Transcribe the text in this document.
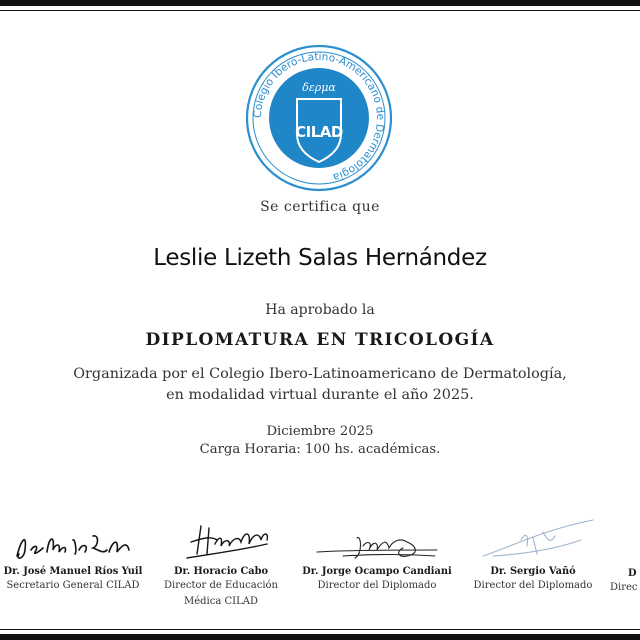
Colegio Ibero-Latino-Americano de Dermatología
δερμα
CILAD
Se certifica que
Leslie Lizeth Salas Hernández
Ha aprobado la
DIPLOMATURA EN TRICOLOGÍA
Organizada por el Colegio Ibero-Latinoamericano de Dermatología,
en modalidad virtual durante el año 2025.
Diciembre 2025
Carga Horaria: 100 hs. académicas.
Dr. José Manuel Ríos Yuil
Secretario General CILAD
Dr. Horacio Cabo
Director de Educación
Médica CILAD
Dr. Jorge Ocampo Candiani
Director del Diplomado
Dr. Sergio Vañó
Director del Diplomado
D
Direc
